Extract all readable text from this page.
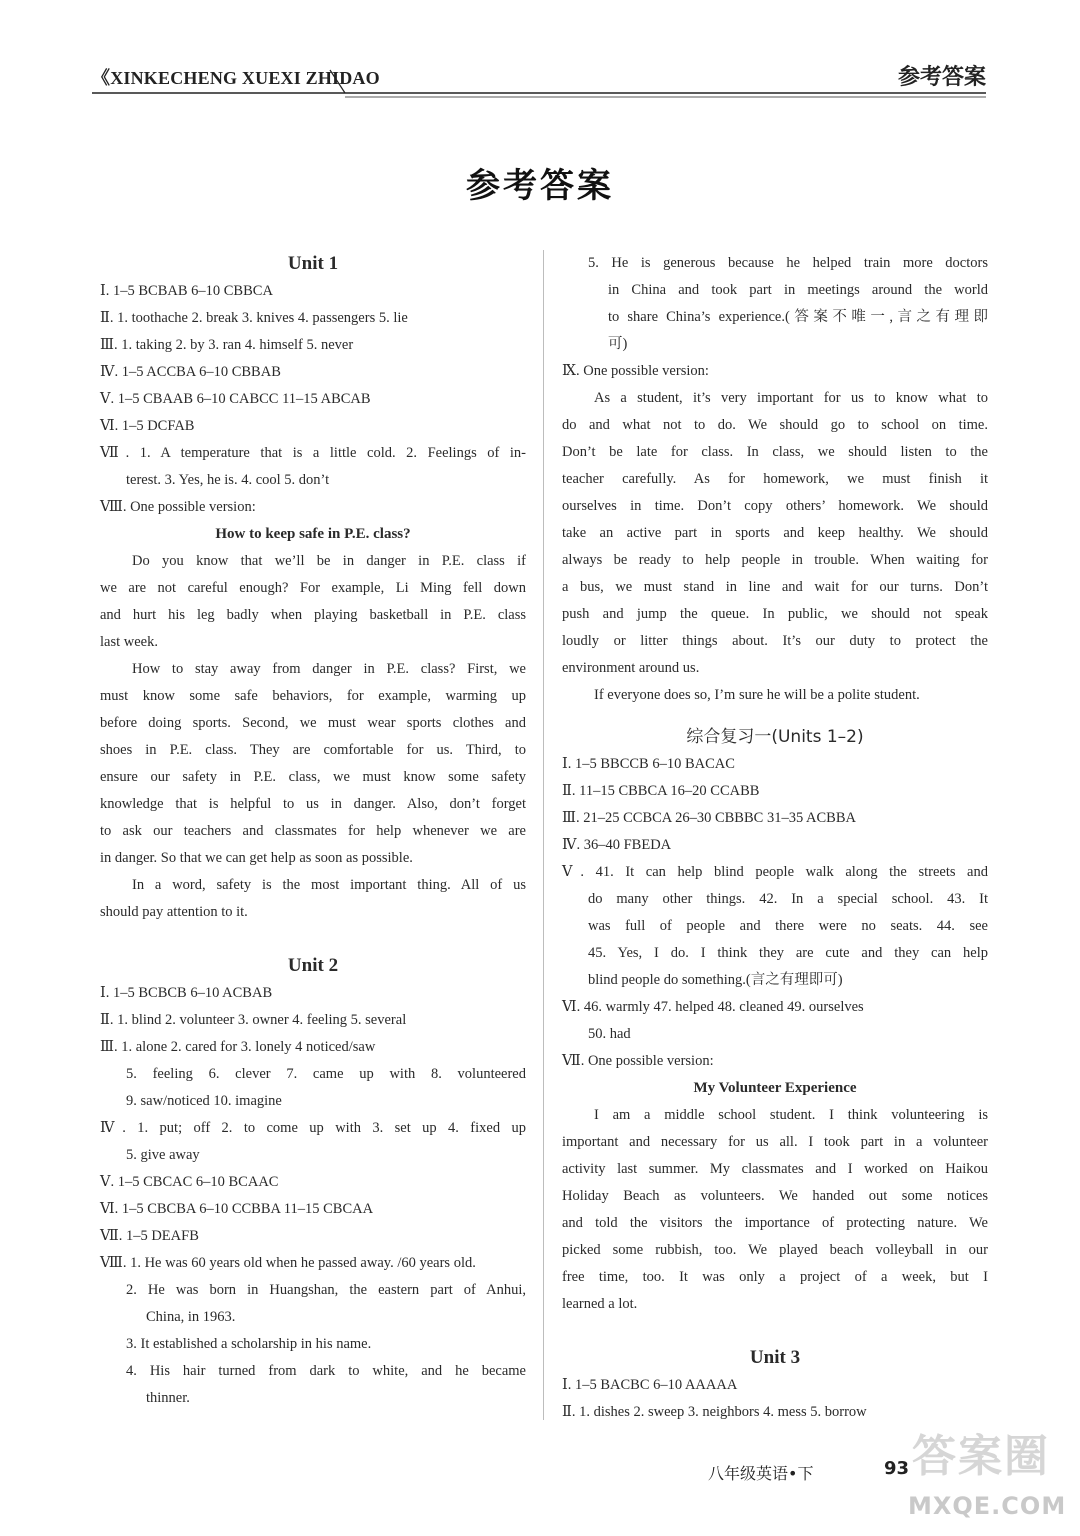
《XINKECHENG XUEXI ZHIDAO	参考答案
参考答案
Unit 1
Ⅰ. 1–5 BCBAB 6–10 CBBCA
Ⅱ. 1. toothache 2. break 3. knives 4. passengers 5. lie
Ⅲ. 1. taking 2. by 3. ran 4. himself 5. never
Ⅳ. 1–5 ACCBA 6–10 CBBAB
Ⅴ. 1–5 CBAAB 6–10 CABCC 11–15 ABCAB
Ⅵ. 1–5 DCFAB
Ⅶ. 1. A temperature that is a little cold. 2. Feelings of in-
terest. 3. Yes, he is. 4. cool 5. don’t
Ⅷ. One possible version:
How to keep safe in P.E. class?
Do you know that we’ll be in danger in P.E. class if
we are not careful enough? For example, Li Ming fell down
and hurt his leg badly when playing basketball in P.E. class
last week.
How to stay away from danger in P.E. class? First, we
must know some safe behaviors, for example, warming up
before doing sports. Second, we must wear sports clothes and
shoes in P.E. class. They are comfortable for us. Third, to
ensure our safety in P.E. class, we must know some safety
knowledge that is helpful to us in danger. Also, don’t forget
to ask our teachers and classmates for help whenever we are
in danger. So that we can get help as soon as possible.
In a word, safety is the most important thing. All of us
should pay attention to it.
Unit 2
Ⅰ. 1–5 BCBCB 6–10 ACBAB
Ⅱ. 1. blind 2. volunteer 3. owner 4. feeling 5. several
Ⅲ. 1. alone 2. cared for 3. lonely 4 noticed/saw
5. feeling 6. clever 7. came up with 8. volunteered
9. saw/noticed 10. imagine
Ⅳ. 1. put; off 2. to come up with 3. set up 4. fixed up
5. give away
Ⅴ. 1–5 CBCAC 6–10 BCAAC
Ⅵ. 1–5 CBCBA 6–10 CCBBA 11–15 CBCAA
Ⅶ. 1–5 DEAFB
Ⅷ. 1. He was 60 years old when he passed away. /60 years old.
2. He was born in Huangshan, the eastern part of Anhui,
China, in 1963.
3. It established a scholarship in his name.
4. His hair turned from dark to white, and he became
thinner.
5. He is generous because he helped train more doctors
in China and took part in meetings around the world
to share China’s experience.(答案不唯一,言之有理即
可)
Ⅸ. One possible version:
As a student, it’s very important for us to know what to
do and what not to do. We should go to school on time.
Don’t be late for class. In class, we should listen to the
teacher carefully. As for homework, we must finish it
ourselves in time. Don’t copy others’ homework. We should
take an active part in sports and keep healthy. We should
always be ready to help people in trouble. When waiting for
a bus, we must stand in line and wait for our turns. Don’t
push and jump the queue. In public, we should not speak
loudly or litter things about. It’s our duty to protect the
environment around us.
If everyone does so, I’m sure he will be a polite student.
综合复习一(Units 1–2)
Ⅰ. 1–5 BBCCB 6–10 BACAC
Ⅱ. 11–15 CBBCA 16–20 CCABB
Ⅲ. 21–25 CCBCA 26–30 CBBBC 31–35 ACBBA
Ⅳ. 36–40 FBEDA
Ⅴ. 41. It can help blind people walk along the streets and
do many other things. 42. In a special school. 43. It
was full of people and there were no seats. 44. see
45. Yes, I do. I think they are cute and they can help
blind people do something.(言之有理即可)
Ⅵ. 46. warmly 47. helped 48. cleaned 49. ourselves
50. had
Ⅶ. One possible version:
My Volunteer Experience
I am a middle school student. I think volunteering is
important and necessary for us all. I took part in a volunteer
activity last summer. My classmates and I worked on Haikou
Holiday Beach as volunteers. We handed out some notices
and told the visitors the importance of protecting nature. We
picked some rubbish, too. We played beach volleyball in our
free time, too. It was only a project of a week, but I
learned a lot.
Unit 3
Ⅰ. 1–5 BACBC 6–10 AAAAA
Ⅱ. 1. dishes 2. sweep 3. neighbors 4. mess 5. borrow
八年级英语•下	93 答案圈
MXQE.COM
